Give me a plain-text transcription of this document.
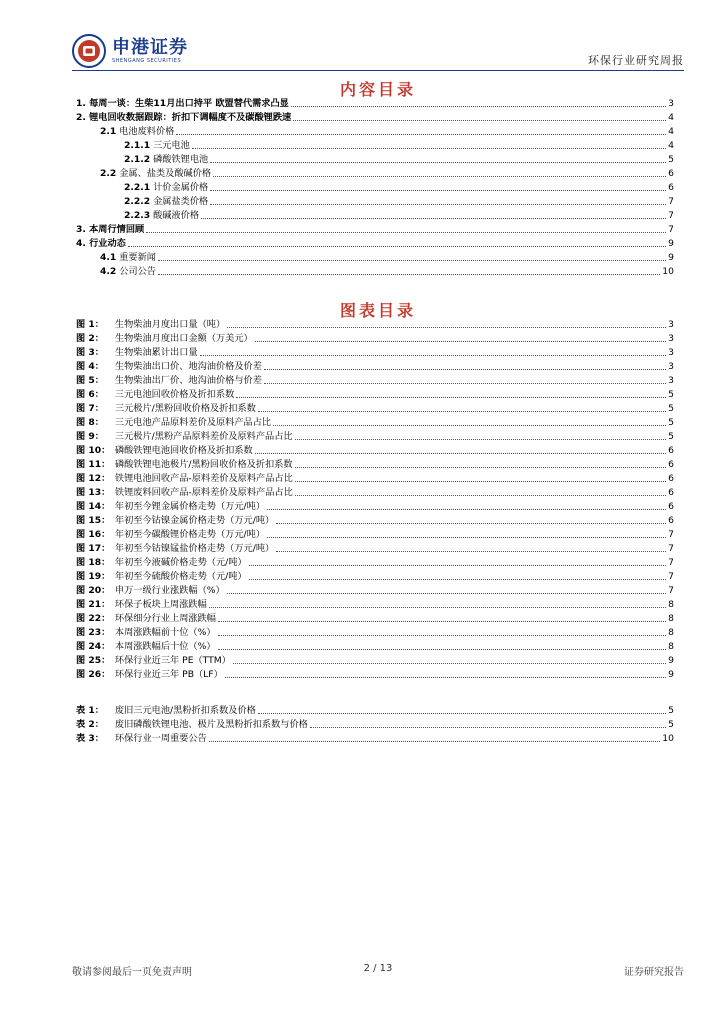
申港证券
SHENGANG SECURITIES	环保行业研究周报
内容目录
1. 每周一谈：生柴11月出口持平 欧盟替代需求凸显	3
2. 锂电回收数据跟踪：折扣下调幅度不及碳酸锂跌速	4
2.1 电池废料价格	4
2.1.1 三元电池	4
2.1.2 磷酸铁锂电池	5
2.2 金属、盐类及酸碱价格	6
2.2.1 计价金属价格	6
2.2.2 金属盐类价格	7
2.2.3 酸碱液价格	7
3. 本周行情回顾	7
4. 行业动态	9
4.1 重要新闻	9
4.2 公司公告	10
图表目录
图 1： 生物柴油月度出口量（吨）	3
图 2： 生物柴油月度出口金额（万美元）	3
图 3： 生物柴油累计出口量	3
图 4： 生物柴油出口价、地沟油价格及价差	3
图 5： 生物柴油出厂价、地沟油价格与价差	3
图 6： 三元电池回收价格及折扣系数	5
图 7： 三元极片/黑粉回收价格及折扣系数	5
图 8： 三元电池产品原料差价及原料产品占比	5
图 9： 三元极片/黑粉产品原料差价及原料产品占比	5
图 10： 磷酸铁锂电池回收价格及折扣系数	6
图 11： 磷酸铁锂电池极片/黑粉回收价格及折扣系数	6
图 12： 铁锂电池回收产品-原料差价及原料产品占比	6
图 13： 铁锂废料回收产品-原料差价及原料产品占比	6
图 14： 年初至今锂金属价格走势（万元/吨）	6
图 15： 年初至今钴镍金属价格走势（万元/吨）	6
图 16： 年初至今碳酸锂价格走势（万元/吨）	7
图 17： 年初至今钴镍锰盐价格走势（万元/吨）	7
图 18： 年初至今液碱价格走势（元/吨）	7
图 19： 年初至今硫酸价格走势（元/吨）	7
图 20： 申万一级行业涨跌幅（%）	7
图 21： 环保子板块上周涨跌幅	8
图 22： 环保细分行业上周涨跌幅	8
图 23： 本周涨跌幅前十位（%）	8
图 24： 本周涨跌幅后十位（%）	8
图 25： 环保行业近三年 PE（TTM）	9
图 26： 环保行业近三年 PB（LF）	9
表 1： 废旧三元电池/黑粉折扣系数及价格	5
表 2： 废旧磷酸铁锂电池、极片及黑粉折扣系数与价格	5
表 3： 环保行业一周重要公告	10
敬请参阅最后一页免责声明	2 / 13	证券研究报告
